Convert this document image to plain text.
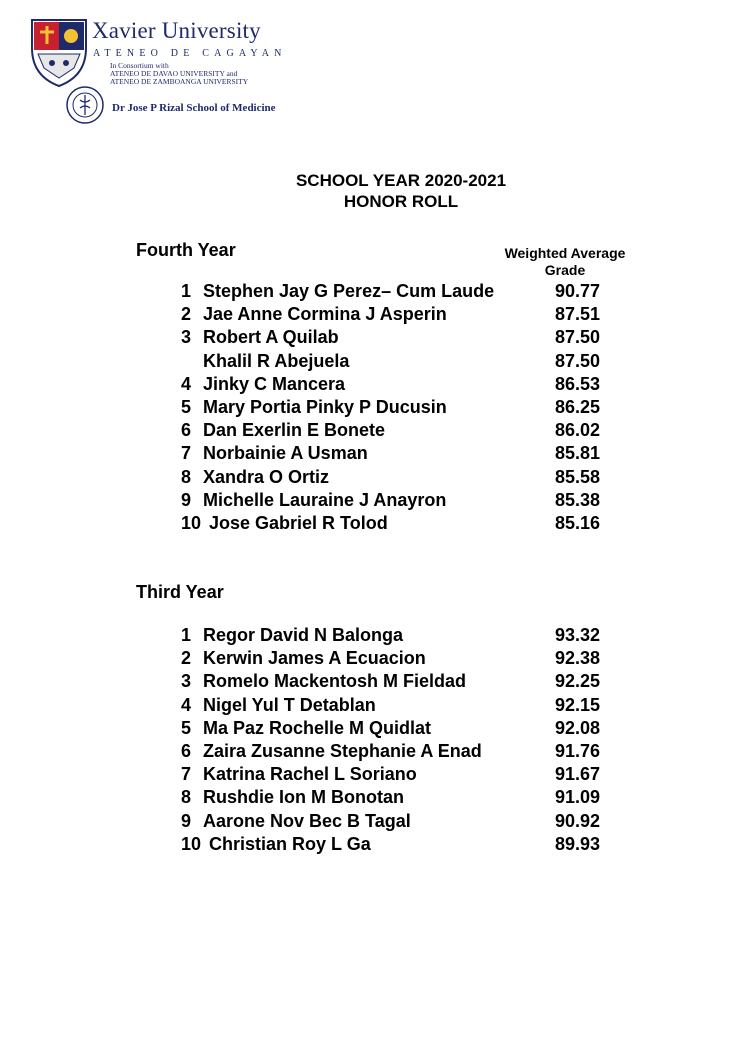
Xavier University
ATENEO DE CAGAYAN
In Consortium with
ATENEO DE DAVAO UNIVERSITY and
ATENEO DE ZAMBOANGA UNIVERSITY
Dr Jose P Rizal School of Medicine
SCHOOL YEAR 2020-2021
HONOR ROLL
Fourth Year	Weighted Average
Grade
1 Stephen Jay G Perez– Cum Laude	90.77
2 Jae Anne Cormina J Asperin	87.51
3 Robert A Quilab	87.50
Khalil R Abejuela	87.50
4 Jinky C Mancera	86.53
5 Mary Portia Pinky P Ducusin	86.25
6 Dan Exerlin E Bonete	86.02
7 Norbainie A Usman	85.81
8 Xandra O Ortiz	85.58
9 Michelle Lauraine J Anayron	85.38
10 Jose Gabriel R Tolod	85.16
Third Year
1 Regor David N Balonga	93.32
2 Kerwin James A Ecuacion	92.38
3 Romelo Mackentosh M Fieldad	92.25
4 Nigel Yul T Detablan	92.15
5 Ma Paz Rochelle M Quidlat	92.08
6 Zaira Zusanne Stephanie A Enad	91.76
7 Katrina Rachel L Soriano	91.67
8 Rushdie Ion M Bonotan	91.09
9 Aarone Nov Bec B Tagal	90.92
10 Christian Roy L Ga	89.93
